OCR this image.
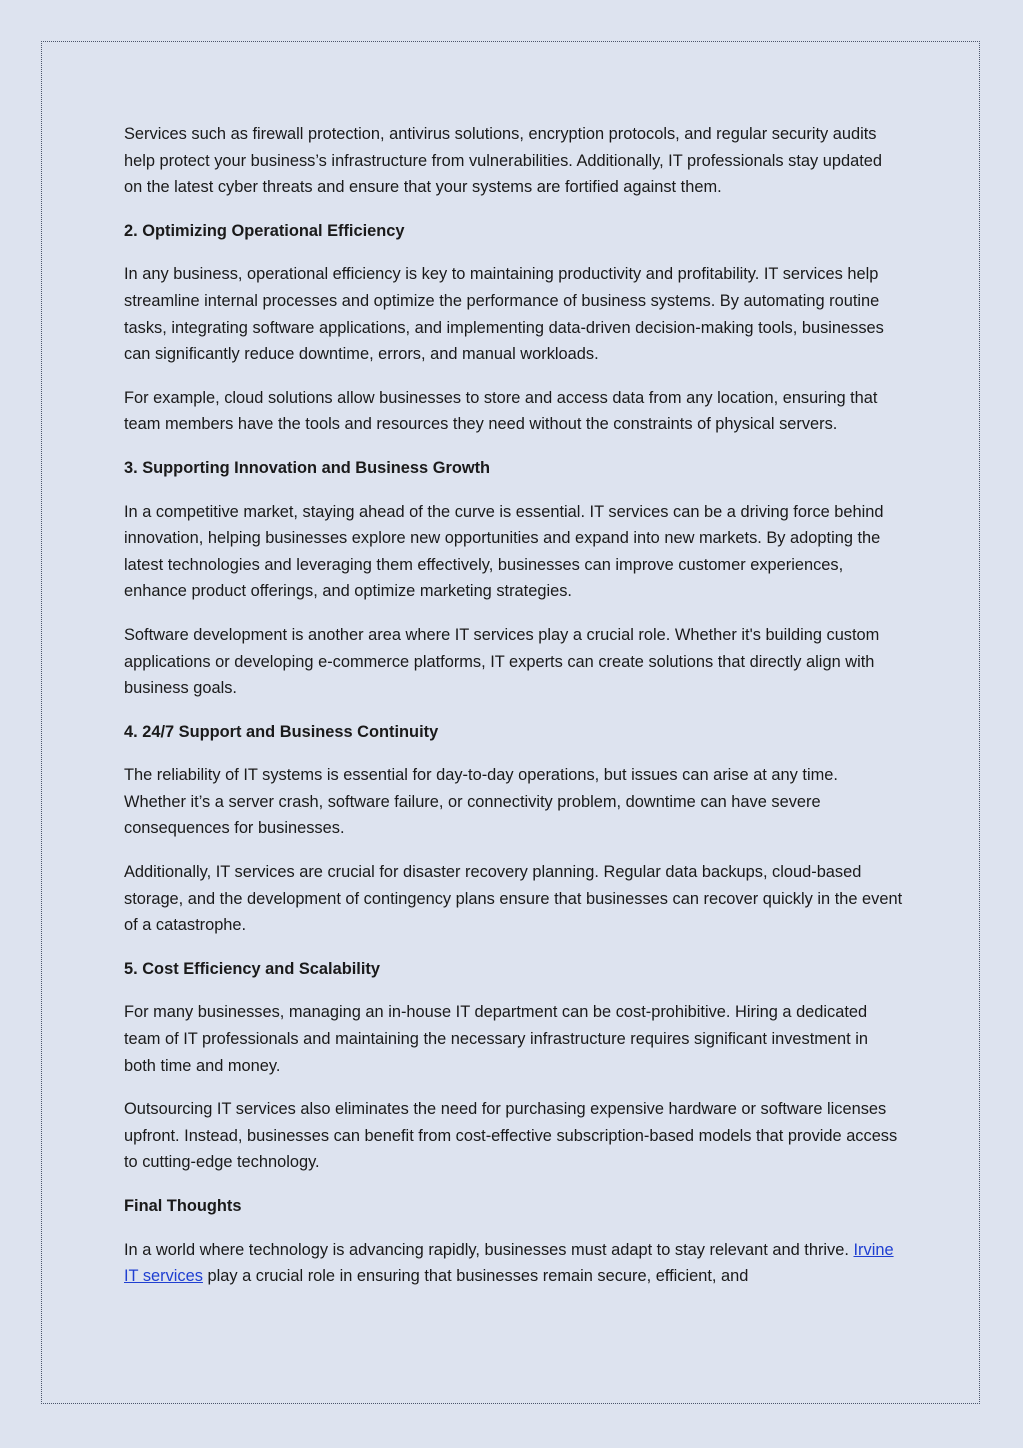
Services such as firewall protection, antivirus solutions, encryption protocols, and regular security audits help protect your business’s infrastructure from vulnerabilities. Additionally, IT professionals stay updated on the latest cyber threats and ensure that your systems are fortified against them.

2. Optimizing Operational Efficiency

In any business, operational efficiency is key to maintaining productivity and profitability. IT services help streamline internal processes and optimize the performance of business systems. By automating routine tasks, integrating software applications, and implementing data-driven decision-making tools, businesses can significantly reduce downtime, errors, and manual workloads.

For example, cloud solutions allow businesses to store and access data from any location, ensuring that team members have the tools and resources they need without the constraints of physical servers.

3. Supporting Innovation and Business Growth

In a competitive market, staying ahead of the curve is essential. IT services can be a driving force behind innovation, helping businesses explore new opportunities and expand into new markets. By adopting the latest technologies and leveraging them effectively, businesses can improve customer experiences, enhance product offerings, and optimize marketing strategies.

Software development is another area where IT services play a crucial role. Whether it's building custom applications or developing e-commerce platforms, IT experts can create solutions that directly align with business goals.

4. 24/7 Support and Business Continuity

The reliability of IT systems is essential for day-to-day operations, but issues can arise at any time. Whether it’s a server crash, software failure, or connectivity problem, downtime can have severe consequences for businesses.

Additionally, IT services are crucial for disaster recovery planning. Regular data backups, cloud-based storage, and the development of contingency plans ensure that businesses can recover quickly in the event of a catastrophe.

5. Cost Efficiency and Scalability

For many businesses, managing an in-house IT department can be cost-prohibitive. Hiring a dedicated team of IT professionals and maintaining the necessary infrastructure requires significant investment in both time and money.

Outsourcing IT services also eliminates the need for purchasing expensive hardware or software licenses upfront. Instead, businesses can benefit from cost-effective subscription-based models that provide access to cutting-edge technology.

Final Thoughts

In a world where technology is advancing rapidly, businesses must adapt to stay relevant and thrive. Irvine IT services play a crucial role in ensuring that businesses remain secure, efficient, and
